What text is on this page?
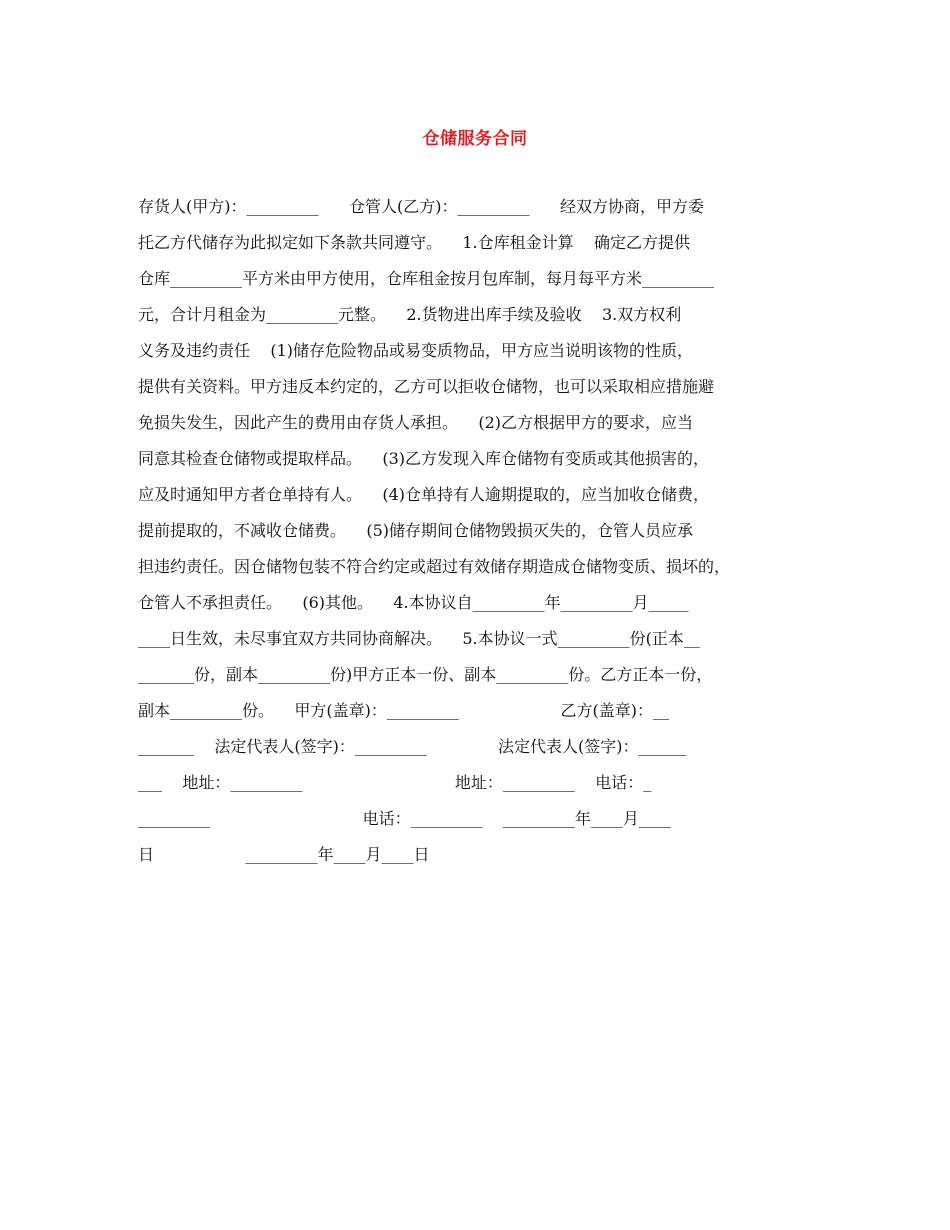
仓储服务合同
存货人(甲方)：_________      仓管人(乙方)：_________      经双方协商，甲方委
托乙方代储存为此拟定如下条款共同遵守。    1.仓库租金计算    确定乙方提供
仓库_________平方米由甲方使用，仓库租金按月包库制，每月每平方米_________
元，合计月租金为_________元整。    2.货物进出库手续及验收    3.双方权利
义务及违约责任    (1)储存危险物品或易变质物品，甲方应当说明该物的性质，
提供有关资料。甲方违反本约定的，乙方可以拒收仓储物，也可以采取相应措施避
免损失发生，因此产生的费用由存货人承担。    (2)乙方根据甲方的要求，应当
同意其检查仓储物或提取样品。    (3)乙方发现入库仓储物有变质或其他损害的，
应及时通知甲方者仓单持有人。    (4)仓单持有人逾期提取的，应当加收仓储费，
提前提取的，不减收仓储费。    (5)储存期间仓储物毁损灭失的，仓管人员应承
担违约责任。因仓储物包装不符合约定或超过有效储存期造成仓储物变质、损坏的，
仓管人不承担责任。    (6)其他。    4.本协议自_________年_________月_____
____日生效，未尽事宜双方共同协商解决。    5.本协议一式_________份(正本__
_______份，副本_________份)甲方正本一份、副本_________份。乙方正本一份，
副本_________份。    甲方(盖章)：_________                    乙方(盖章)：__
_______    法定代表人(签字)：_________              法定代表人(签字)：______
___    地址：_________                              地址：_________    电话：_
_________                              电话：_________    _________年____月____
日                  _________年____月____日
